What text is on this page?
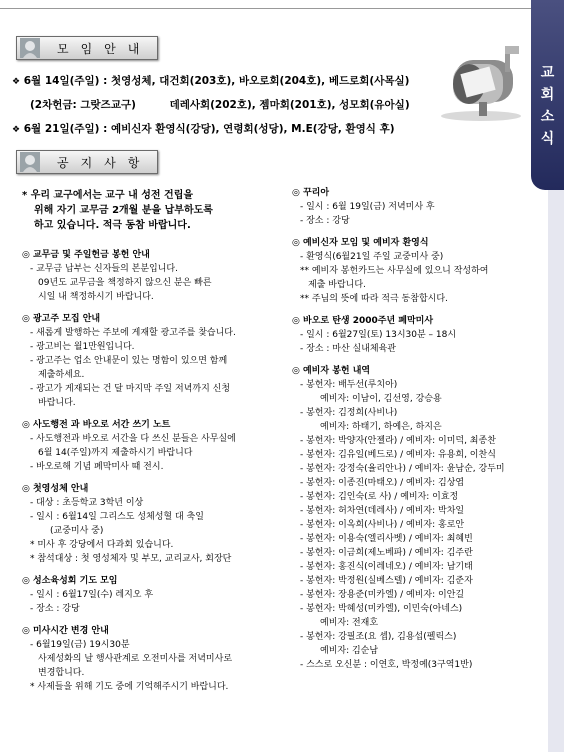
교
회
소
식
모임안내
❖ 6월 14일(주일) : 첫영성체, 대건회(203호), 바오로회(204호), 베드로회(사목실)
(2차헌금: 그랏즈교구)	데레사회(202호), 젬마회(201호), 성모회(유아실)
❖ 6월 21일(주일) : 예비신자 환영식(강당), 연령회(성당), M.E(강당, 환영식 후)
공지사항

* 우리 교구에서는 교구 내 성전 건립을

위해 자기 교무금 2개월 분을 납부하도록

하고 있습니다. 적극 동참 바랍니다.

◎ 교무금 및 주일헌금 봉헌 안내

- 교무금 납부는 신자들의 본분입니다.

09년도 교무금을 책정하지 않으신 분은 빠른

시일 내 책정하시기 바랍니다.

◎ 광고주 모집 안내

- 새롭게 발행하는 주보에 게재할 광고주를 찾습니다.

- 광고비는 월1만원입니다.

- 광고주는 업소 안내문이 있는 명함이 있으면 함께

제출하세요.

- 광고가 게재되는 건 달 마지막 주일 저녁까지 신청

바랍니다.

◎ 사도행전 과 바오로 서간 쓰기 노트

- 사도행전과 바오로 서간을 다 쓰신 분들은 사무실에

6월 14(주일)까지 제출하시기 바랍니다

- 바오로해 기념 폐막미사 때 전시.

◎ 첫영성체 안내

- 대상 : 초등학교 3학년 이상

- 일시 : 6월14일 그리스도 성체성혈 대 축일

(교중미사 중)

* 미사 후 강당에서 다과회 있습니다.

* 참석대상 : 첫 영성체자 및 부모, 교리교사, 회장단

◎ 성소육성회 기도 모임

- 일시 : 6월17일(수) 레지오 후

- 장소 : 강당

◎ 미사시간 변경 안내

- 6월19일(금) 19시30분

사제성화의 날 행사관계로 오전미사를 저녁미사로

변경합니다.

* 사제들을 위해 기도 중에 기억해주시기 바랍니다.

◎ 꾸리아

- 일시 : 6월 19일(금) 저녁미사 후

- 장소 : 강당

◎ 예비신자 모임 및 예비자 환영식

- 환영식(6월21일 주일 교중미사 중)

** 예비자 봉헌카드는 사무실에 있으니 작성하여

제출 바랍니다.

** 주님의 뜻에 따라 적극 동참합시다.

◎ 바오로 탄생 2000주년 폐막미사

- 일시 : 6월27일(토) 13시30분 – 18시

- 장소 : 마산 실내체육관

◎ 예비자 봉헌 내역

- 봉헌자: 배두선(루치아)

예비자: 이남이, 김선영, 강승용

- 봉헌자: 김정희(사비나)

예비자: 하태기, 하예은, 하지은

- 봉헌자: 박양자(안젤라) / 예비자: 이미덕, 최종찬

- 봉헌자: 김유일(베드로) / 예비자: 유용희, 이찬식

- 봉헌자: 강정숙(율리안나) / 예비자: 윤남순, 강두미

- 봉헌자: 이종진(마태오) / 예비자: 김상엽

- 봉헌자: 김인숙(로 사) / 예비자: 이효정

- 봉헌자: 허차연(데레사) / 예비자: 박차일

- 봉헌자: 이옥희(사비나) / 예비자: 홍로안

- 봉헌자: 이용숙(엘리사벳) / 예비자: 최혜빈

- 봉헌자: 이금희(제노베파) / 예비자: 김주란

- 봉헌자: 홍진식(이레네오) / 예비자: 남기태

- 봉헌자: 박정원(실베스텔) / 예비자: 김준자

- 봉헌자: 장용준(미카엘) / 예비자: 이안길

- 봉헌자: 박혜성(미카엘), 이민숙(아네스)

예비자: 전재호

- 봉헌자: 강필조(요 셉), 김용섭(펠릭스)

예비자: 김순남

- 스스로 오신분 : 이연호, 박정예(3구역1반)
